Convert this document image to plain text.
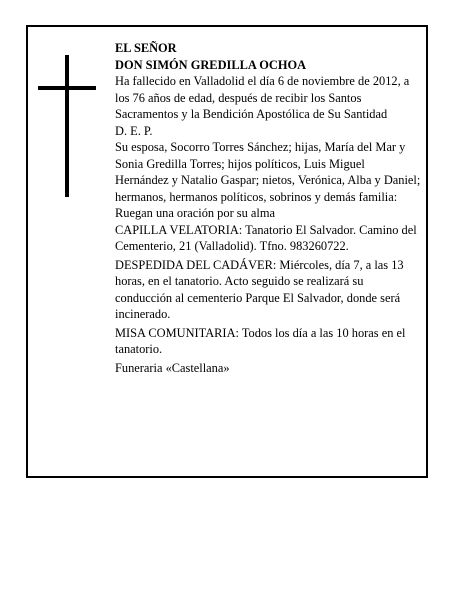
EL SEÑOR

DON SIMÓN GREDILLA OCHOA

Ha fallecido en Valladolid el día 6 de noviembre de 2012, a los 76 años de edad, después de recibir los Santos Sacramentos y la Bendición Apostólica de Su Santidad

D. E. P.

Su esposa, Socorro Torres Sánchez; hijas, María del Mar y Sonia Gredilla Torres; hijos políticos, Luis Miguel Hernández y Natalio Gaspar; nietos, Verónica, Alba y Daniel; hermanos, hermanos políticos, sobrinos y demás familia:

Ruegan una oración por su alma

CAPILLA VELATORIA: Tanatorio El Salvador. Camino del Cementerio, 21 (Valladolid). Tfno. 983260722.

DESPEDIDA DEL CADÁVER: Miércoles, día 7, a las 13 horas, en el tanatorio. Acto seguido se realizará su conducción al cementerio Parque El Salvador, donde será incinerado.

MISA COMUNITARIA: Todos los día a las 10 horas en el tanatorio.

Funeraria «Castellana»
